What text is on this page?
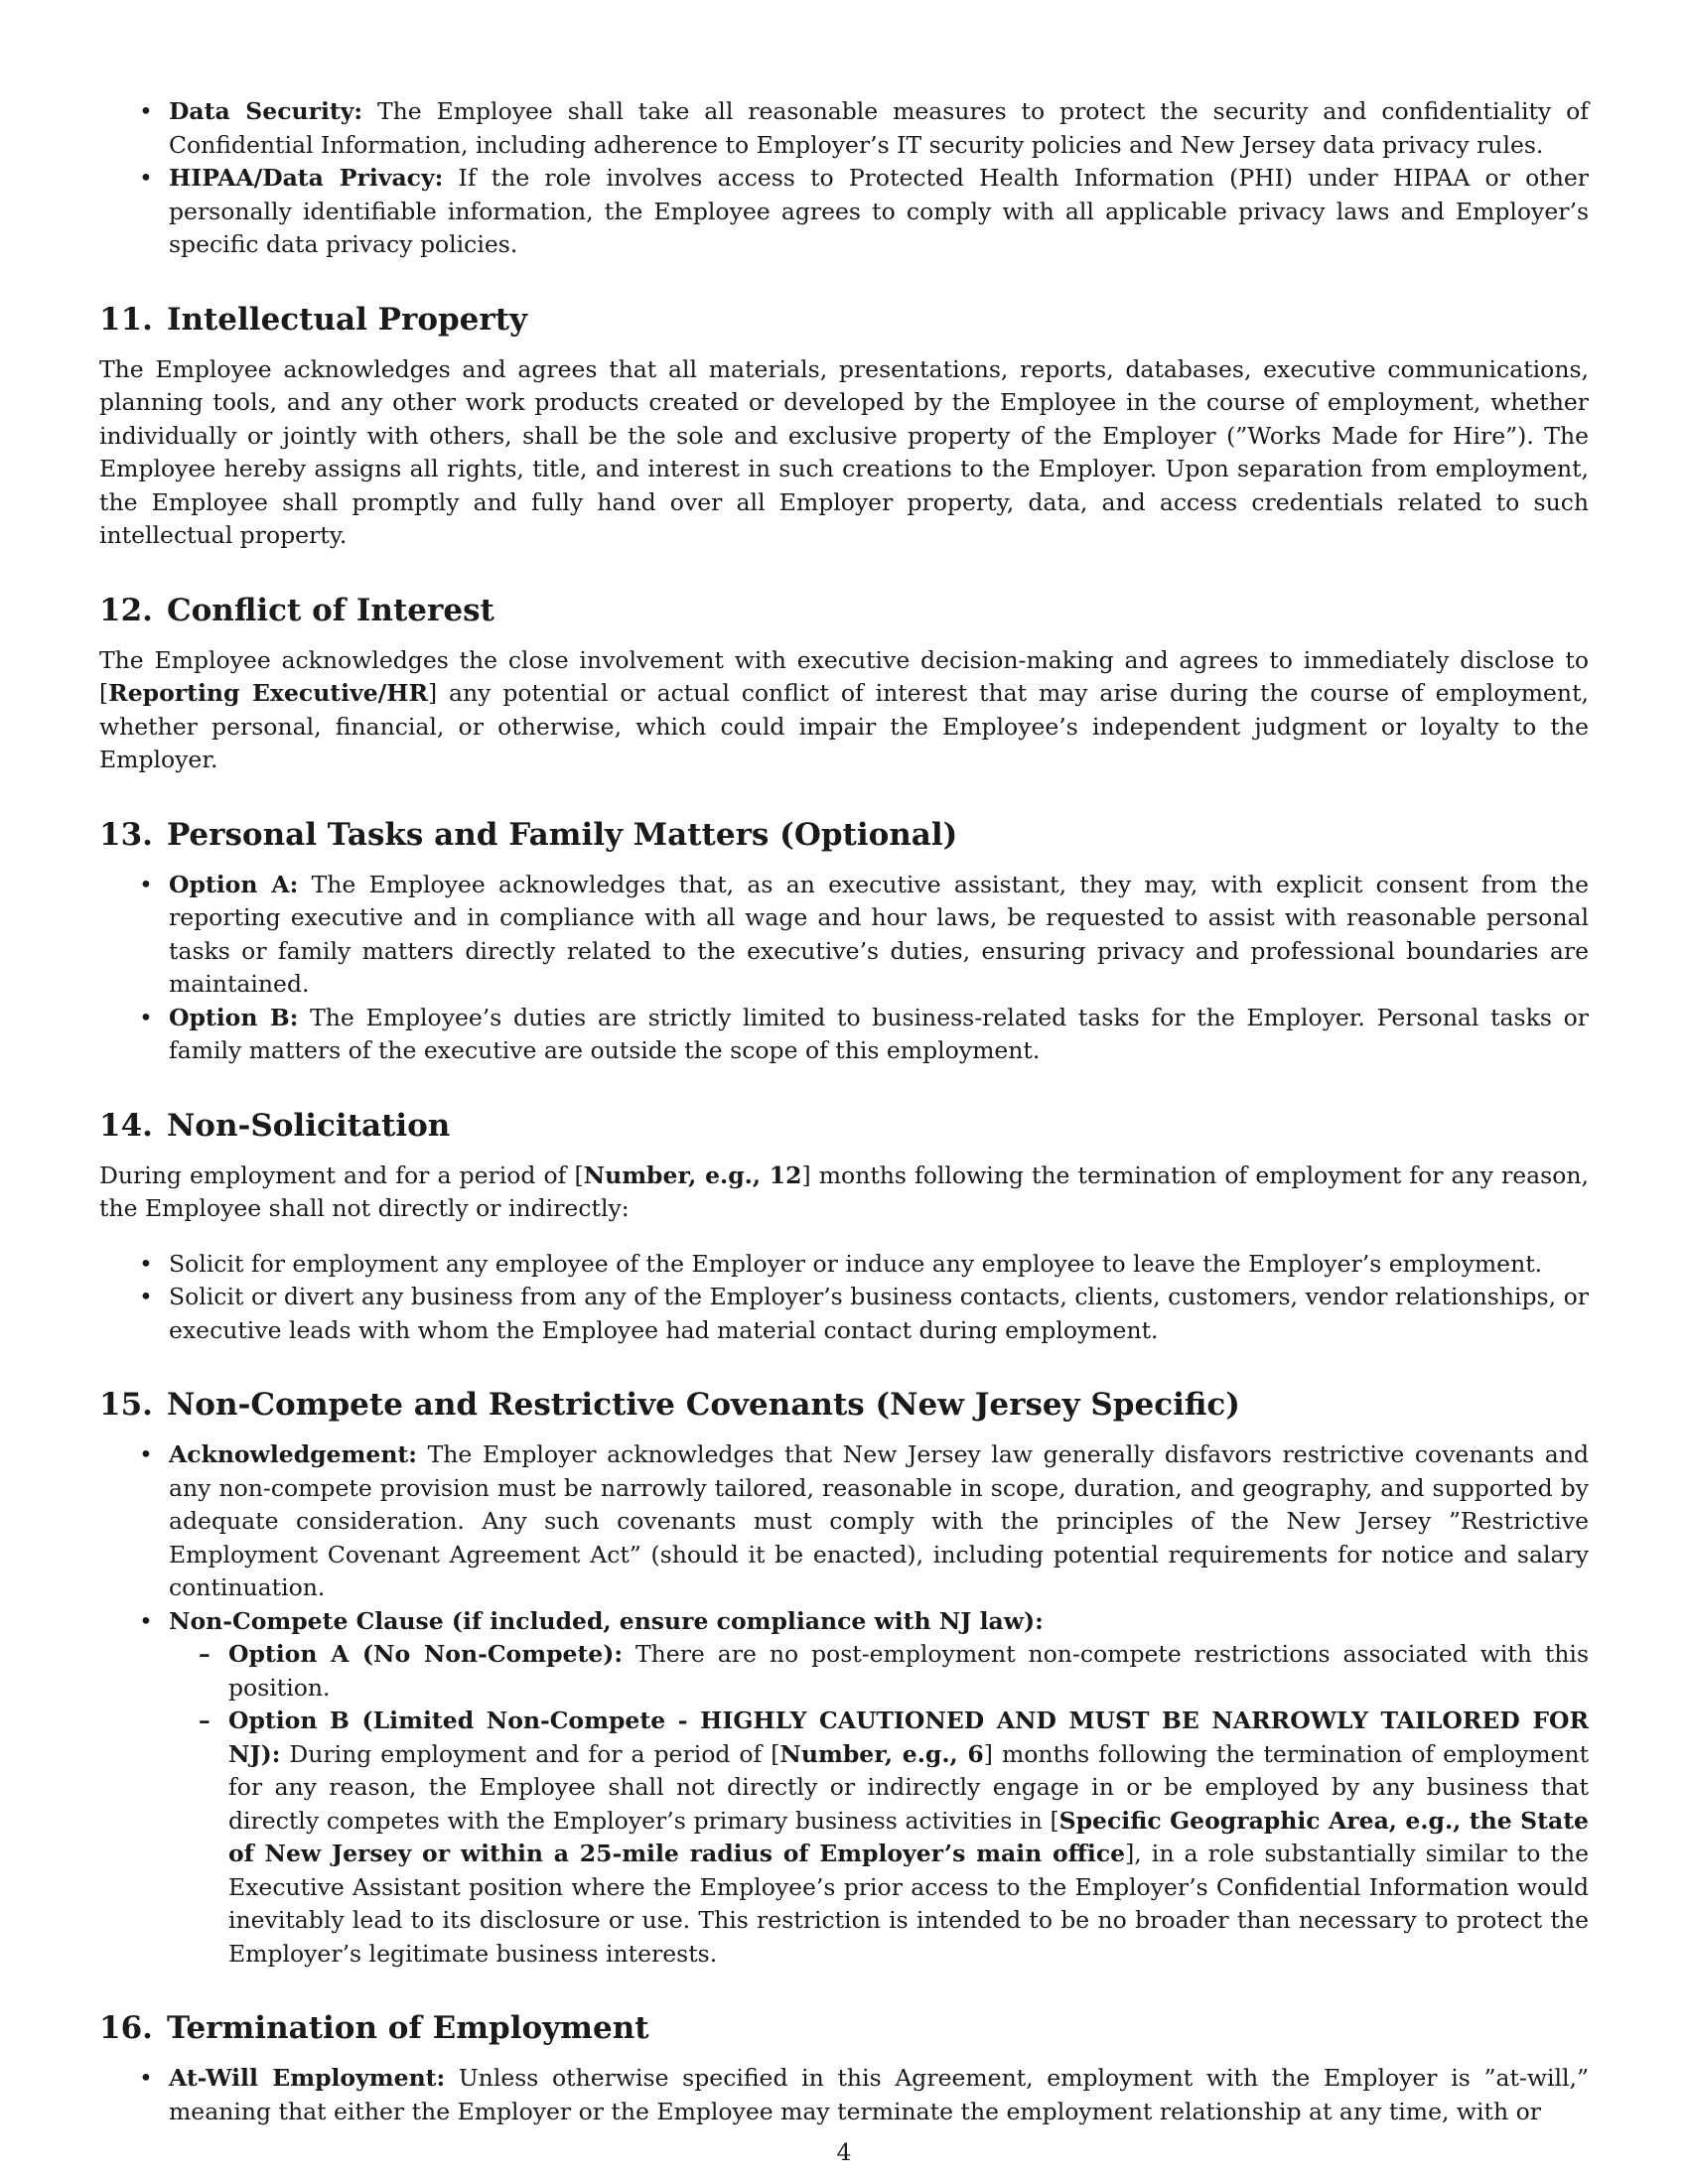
• Data Security: The Employee shall take all reasonable measures to protect the security and confidentiality of Confidential Information, including adherence to Employer’s IT security policies and New Jersey data privacy rules.
• HIPAA/Data Privacy: If the role involves access to Protected Health Information (PHI) under HIPAA or other personally identifiable information, the Employee agrees to comply with all applicable privacy laws and Employer’s specific data privacy policies.
11. Intellectual Property

The Employee acknowledges and agrees that all materials, presentations, reports, databases, executive communications, planning tools, and any other work products created or developed by the Employee in the course of employment, whether individually or jointly with others, shall be the sole and exclusive property of the Employer (”Works Made for Hire”). The Employee hereby assigns all rights, title, and interest in such creations to the Employer. Upon separation from employment, the Employee shall promptly and fully hand over all Employer property, data, and access credentials related to such intellectual property.

12. Conflict of Interest

The Employee acknowledges the close involvement with executive decision-making and agrees to immediately disclose to [Reporting Executive/HR] any potential or actual conflict of interest that may arise during the course of employment, whether personal, financial, or otherwise, which could impair the Employee’s independent judgment or loyalty to the Employer.

13. Personal Tasks and Family Matters (Optional)
• Option A: The Employee acknowledges that, as an executive assistant, they may, with explicit consent from the reporting executive and in compliance with all wage and hour laws, be requested to assist with reasonable personal tasks or family matters directly related to the executive’s duties, ensuring privacy and professional boundaries are maintained.
• Option B: The Employee’s duties are strictly limited to business-related tasks for the Employer. Personal tasks or family matters of the executive are outside the scope of this employment.
14. Non-Solicitation

During employment and for a period of [Number, e.g., 12] months following the termination of employment for any reason, the Employee shall not directly or indirectly:

• Solicit for employment any employee of the Employer or induce any employee to leave the Employer’s employment.
• Solicit or divert any business from any of the Employer’s business contacts, clients, customers, vendor relationships, or executive leads with whom the Employee had material contact during employment.
15. Non-Compete and Restrictive Covenants (New Jersey Specific)
• Acknowledgement: The Employer acknowledges that New Jersey law generally disfavors restrictive covenants and any non-compete provision must be narrowly tailored, reasonable in scope, duration, and geography, and supported by adequate consideration. Any such covenants must comply with the principles of the New Jersey ”Restrictive Employment Covenant Agreement Act” (should it be enacted), including potential requirements for notice and salary continuation.
• Non-Compete Clause (if included, ensure compliance with NJ law):
– Option A (No Non-Compete): There are no post-employment non-compete restrictions associated with this position.
– Option B (Limited Non-Compete - HIGHLY CAUTIONED AND MUST BE NARROWLY TAILORED FOR NJ): During employment and for a period of [Number, e.g., 6] months following the termination of employment for any reason, the Employee shall not directly or indirectly engage in or be employed by any business that directly competes with the Employer’s primary business activities in [Specific Geographic Area, e.g., the State of New Jersey or within a 25-mile radius of Employer’s main office], in a role substantially similar to the Executive Assistant position where the Employee’s prior access to the Employer’s Confidential Information would inevitably lead to its disclosure or use. This restriction is intended to be no broader than necessary to protect the Employer’s legitimate business interests.
16. Termination of Employment
• At-Will Employment: Unless otherwise specified in this Agreement, employment with the Employer is ”at-will,” meaning that either the Employer or the Employee may terminate the employment relationship at any time, with or
4
